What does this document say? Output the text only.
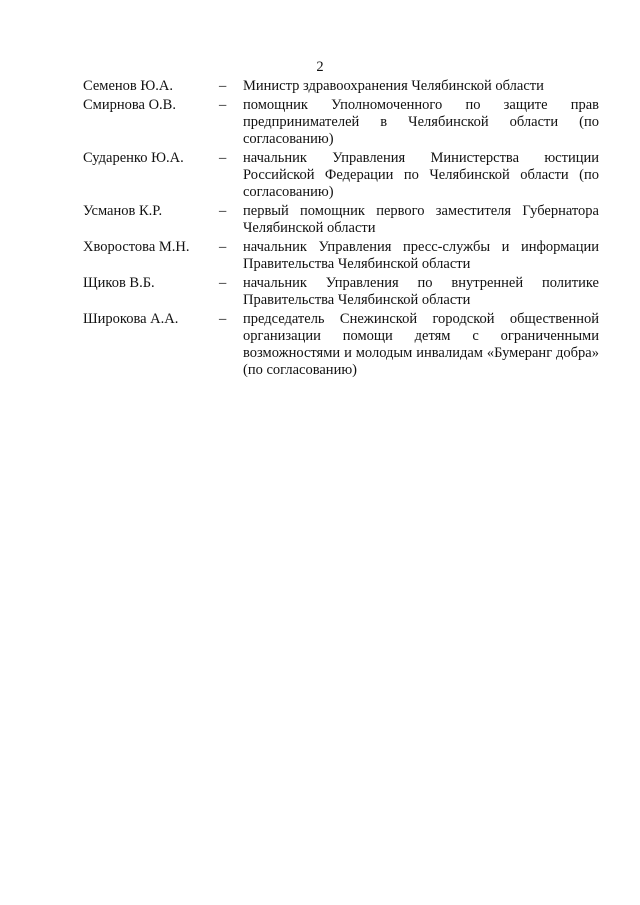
2
Семенов Ю.А.	–	Министр здравоохранения Челябинской области
Смирнова О.В.	–	помощник Уполномоченного по защите прав предпринимателей в Челябинской области (по согласованию)
Сударенко Ю.А.	–	начальник Управления Министерства юстиции Российской Федерации по Челябинской области (по согласованию)
Усманов К.Р.	–	первый помощник первого заместителя Губернатора Челябинской области
Хворостова М.Н.	–	начальник Управления пресс-службы и информации Правительства Челябинской области
Щиков В.Б.	–	начальник Управления по внутренней политике Правительства Челябинской области
Широкова А.А.	–	председатель Снежинской городской общественной организации помощи детям с ограниченными возможностями и молодым инвалидам «Бумеранг добра» (по согласованию)
